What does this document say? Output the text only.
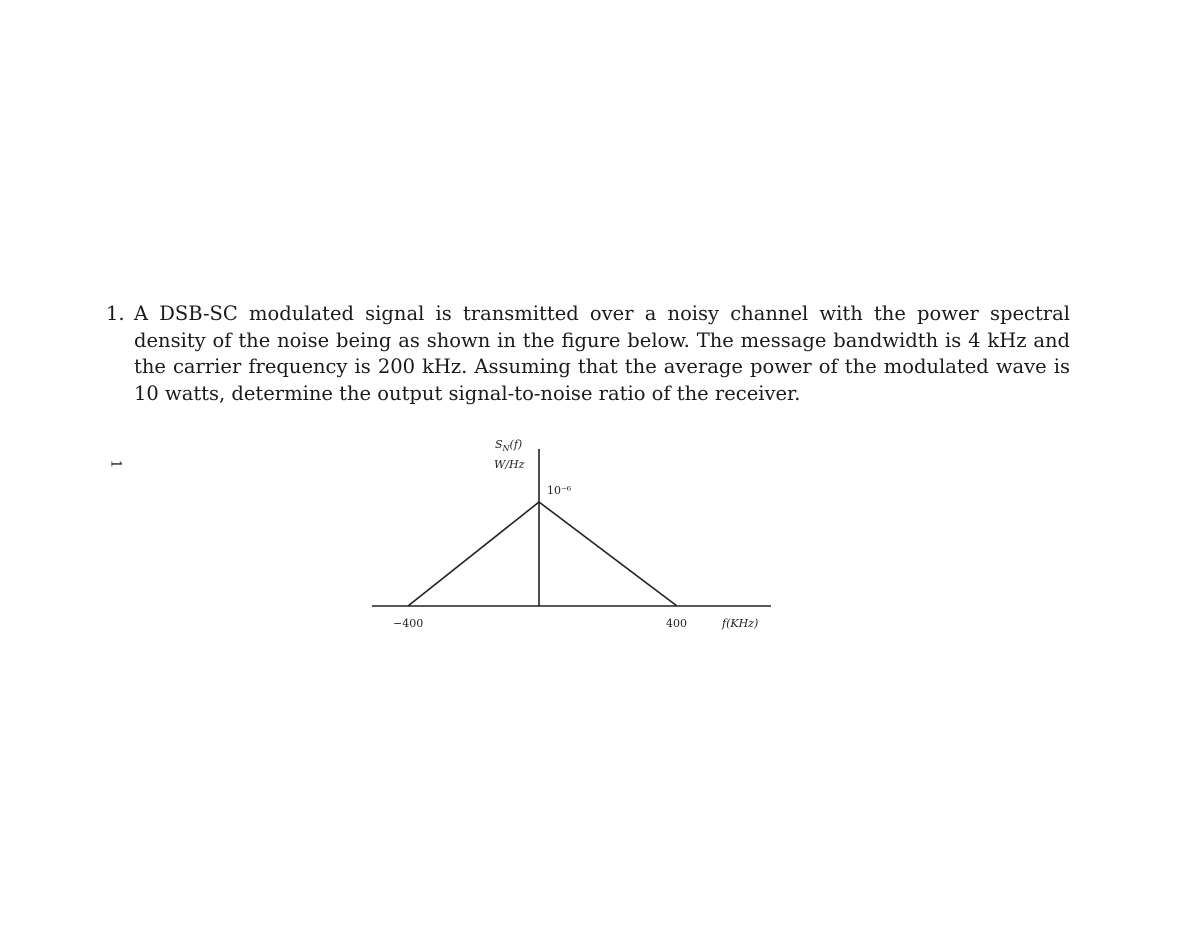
1. A DSB-SC modulated signal is transmitted over a noisy channel with the power spectral density of the noise being as shown in the figure below. The message bandwidth is 4 kHz and the carrier frequency is 200 kHz. Assuming that the average power of the modulated wave is 10 watts, determine the output signal-to-noise ratio of the receiver.
1
$S_N(f)$
W/Hz
10⁻⁶
−400	400	f(KHz)
